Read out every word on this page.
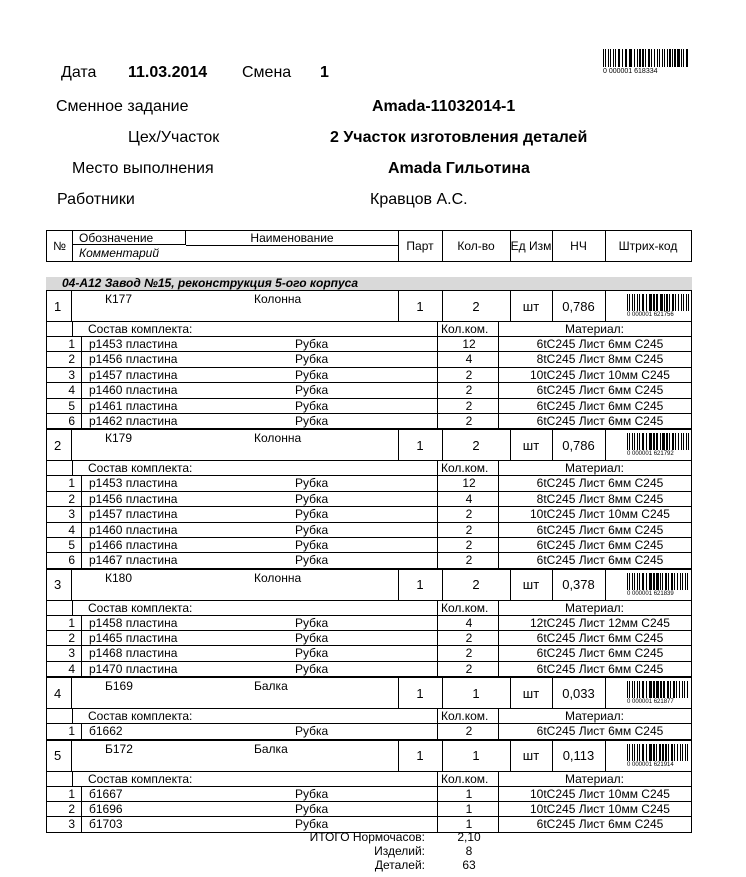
Дата 11.03.2014 Смена 1	0 000001 618334
Сменное задание	Amada-11032014-1
Цех/Участок	2 Участок изготовления деталей
Место выполнения	Amada Гильотина
Работники	Кравцов А.С.
№
Обозначение	Наименование
Комментарий	Парт	Кол-во	Ед Изм	НЧ	Штрих-код
04-А12 Завод №15, реконструкция 5-ого корпуса
1	К177	Колонна	1	2	шт	0,786
0 000001 621756
Состав комплекта:	Кол.ком.	Материал:
1	р1453 пластина	Рубка	12	6tC245 Лист 6мм С245
2	р1456 пластина	Рубка	4	8tC245 Лист 8мм С245
3	р1457 пластина	Рубка	2	10tC245 Лист 10мм С245
4	р1460 пластина	Рубка	2	6tC245 Лист 6мм С245
5	р1461 пластина	Рубка	2	6tC245 Лист 6мм С245
6	р1462 пластина	Рубка	2	6tC245 Лист 6мм С245
2	К179	Колонна	1	2	шт	0,786
0 000001 621792
Состав комплекта:	Кол.ком.	Материал:
1	р1453 пластина	Рубка	12	6tC245 Лист 6мм С245
2	р1456 пластина	Рубка	4	8tC245 Лист 8мм С245
3	р1457 пластина	Рубка	2	10tC245 Лист 10мм С245
4	р1460 пластина	Рубка	2	6tC245 Лист 6мм С245
5	р1466 пластина	Рубка	2	6tC245 Лист 6мм С245
6	р1467 пластина	Рубка	2	6tC245 Лист 6мм С245
3	К180	Колонна	1	2	шт	0,378
0 000001 621839
Состав комплекта:	Кол.ком.	Материал:
1	р1458 пластина	Рубка	4	12tC245 Лист 12мм С245
2	р1465 пластина	Рубка	2	6tC245 Лист 6мм С245
3	р1468 пластина	Рубка	2	6tC245 Лист 6мм С245
4	р1470 пластина	Рубка	2	6tC245 Лист 6мм С245
4	Б169	Балка	1	1	шт	0,033
0 000001 621877
Состав комплекта:	Кол.ком.	Материал:
1	б1662	Рубка	2	6tC245 Лист 6мм С245
5	Б172	Балка	1	1	шт	0,113
0 000001 621914
Состав комплекта:	Кол.ком.	Материал:
1	б1667	Рубка	1	10tC245 Лист 10мм С245
2	б1696	Рубка	1	10tC245 Лист 10мм С245
3	б1703	Рубка	1	6tC245 Лист 6мм С245
ИТОГО Нормочасов:	2,10
Изделий:	8
Деталей:	63
